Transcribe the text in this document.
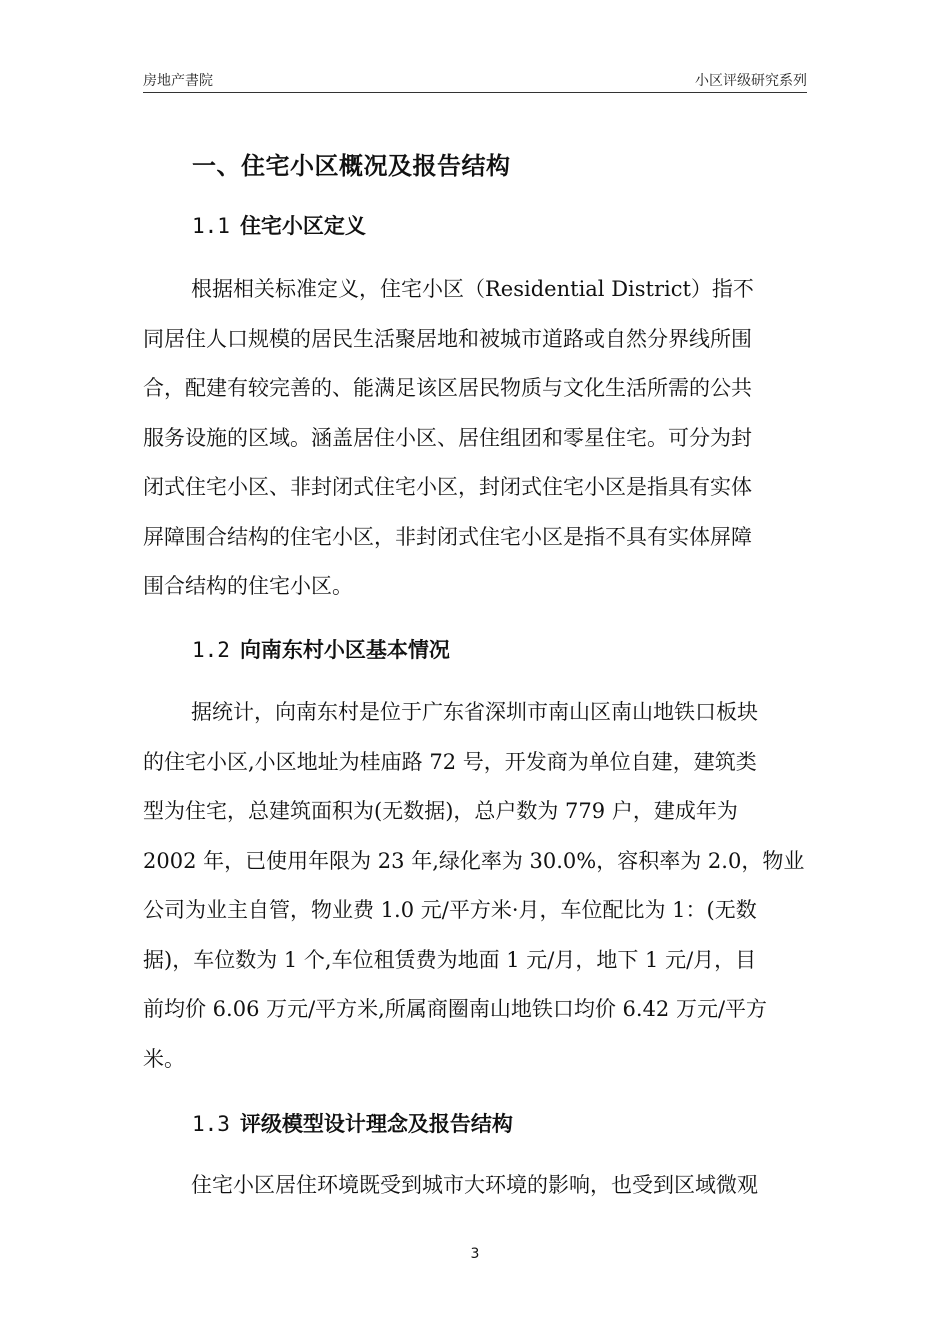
房地产書院	小区评级研究系列
一、住宅小区概况及报告结构
1.1 住宅小区定义
根据相关标准定义，住宅小区（Residential District）指不
同居住人口规模的居民生活聚居地和被城市道路或自然分界线所围
合，配建有较完善的、能满足该区居民物质与文化生活所需的公共
服务设施的区域。涵盖居住小区、居住组团和零星住宅。可分为封
闭式住宅小区、非封闭式住宅小区，封闭式住宅小区是指具有实体
屏障围合结构的住宅小区，非封闭式住宅小区是指不具有实体屏障
围合结构的住宅小区。
1.2 向南东村小区基本情况
据统计，向南东村是位于广东省深圳市南山区南山地铁口板块
的住宅小区,小区地址为桂庙路 72 号，开发商为单位自建，建筑类
型为住宅，总建筑面积为(无数据)，总户数为 779 户，建成年为
2002 年，已使用年限为 23 年,绿化率为 30.0%，容积率为 2.0，物业
公司为业主自管，物业费 1.0 元/平方米·月，车位配比为 1：(无数
据)，车位数为 1 个,车位租赁费为地面 1 元/月，地下 1 元/月，目
前均价 6.06 万元/平方米,所属商圈南山地铁口均价 6.42 万元/平方
米。
1.3 评级模型设计理念及报告结构
住宅小区居住环境既受到城市大环境的影响，也受到区域微观
3
